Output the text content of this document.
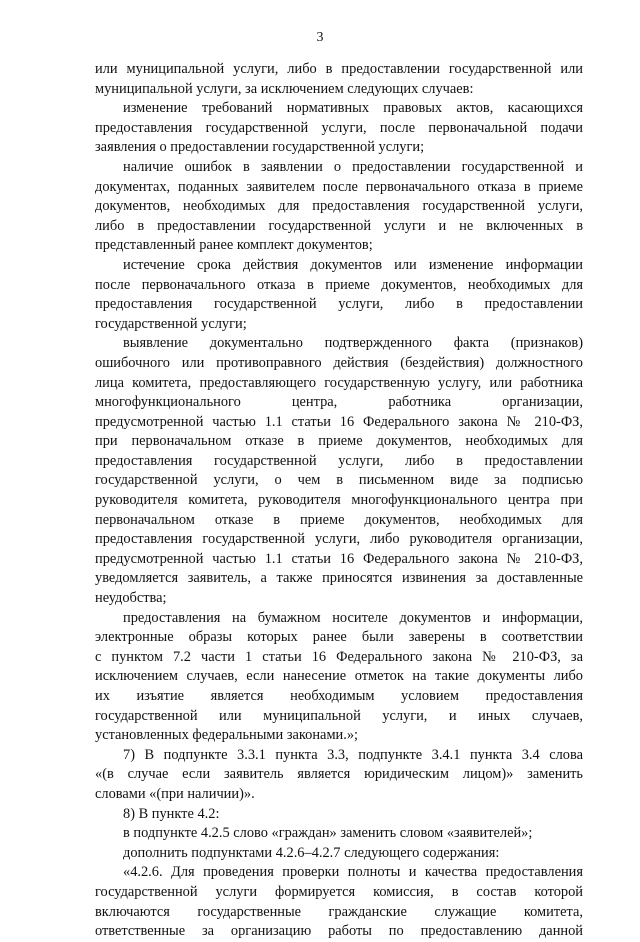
3
или муниципальной услуги, либо в предоставлении государственной или
муниципальной услуги, за исключением следующих случаев:
изменение требований нормативных правовых актов, касающихся
предоставления государственной услуги, после первоначальной подачи
заявления о предоставлении государственной услуги;
наличие ошибок в заявлении о предоставлении государственной и
документах, поданных заявителем после первоначального отказа в приеме
документов, необходимых для предоставления государственной услуги,
либо в предоставлении государственной услуги и не включенных в
представленный ранее комплект документов;
истечение срока действия документов или изменение информации
после первоначального отказа в приеме документов, необходимых для
предоставления государственной услуги, либо в предоставлении
государственной услуги;
выявление документально подтвержденного факта (признаков)
ошибочного или противоправного действия (бездействия) должностного
лица комитета, предоставляющего государственную услугу, или работника
многофункционального центра, работника организации,
предусмотренной частью 1.1 статьи 16 Федерального закона № 210-ФЗ,
при первоначальном отказе в приеме документов, необходимых для
предоставления государственной услуги, либо в предоставлении
государственной услуги, о чем в письменном виде за подписью
руководителя комитета, руководителя многофункционального центра при
первоначальном отказе в приеме документов, необходимых для
предоставления государственной услуги, либо руководителя организации,
предусмотренной частью 1.1 статьи 16 Федерального закона № 210-ФЗ,
уведомляется заявитель, а также приносятся извинения за доставленные
неудобства;
предоставления на бумажном носителе документов и информации,
электронные образы которых ранее были заверены в соответствии
с пунктом 7.2 части 1 статьи 16 Федерального закона № 210-ФЗ, за
исключением случаев, если нанесение отметок на такие документы либо
их изъятие является необходимым условием предоставления
государственной или муниципальной услуги, и иных случаев,
установленных федеральными законами.»;
7) В подпункте 3.3.1 пункта 3.3, подпункте 3.4.1 пункта 3.4 слова
«(в случае если заявитель является юридическим лицом)» заменить
словами «(при наличии)».
8) В пункте 4.2:
в подпункте 4.2.5 слово «граждан» заменить словом «заявителей»;
дополнить подпунктами 4.2.6–4.2.7 следующего содержания:
«4.2.6. Для проведения проверки полноты и качества предоставления
государственной услуги формируется комиссия, в состав которой
включаются государственные гражданские служащие комитета,
ответственные за организацию работы по предоставлению данной
